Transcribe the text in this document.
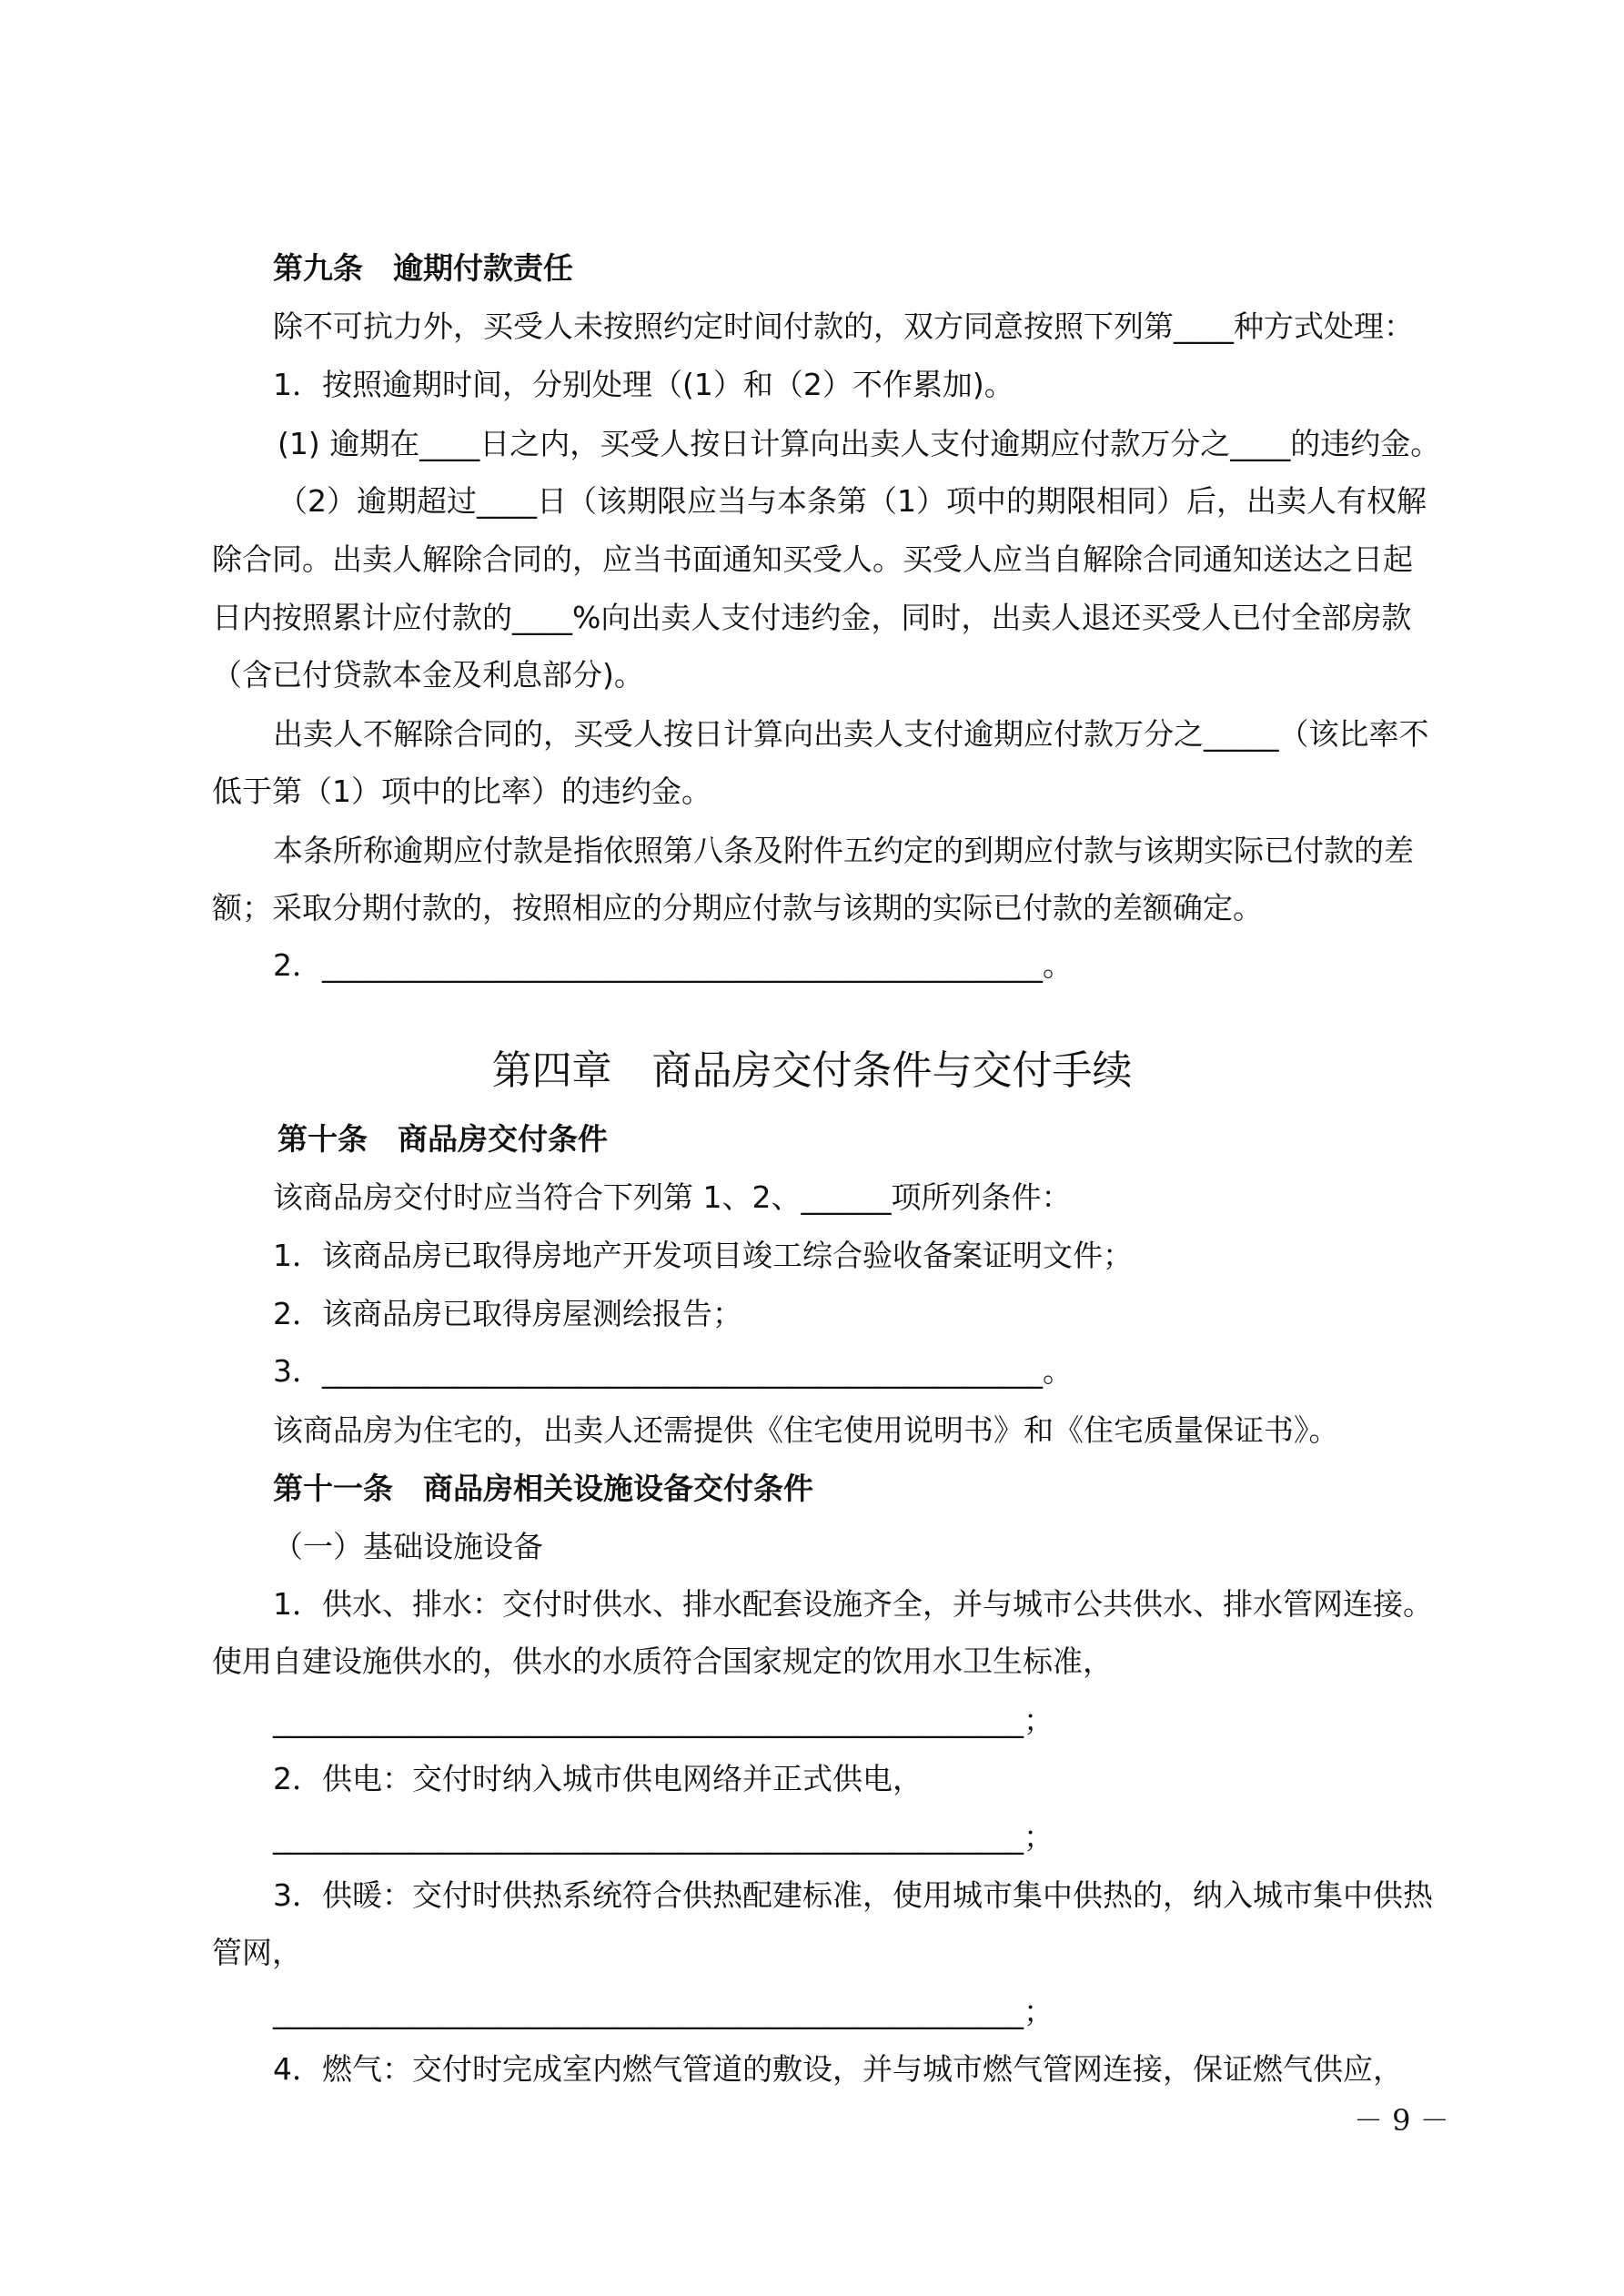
第九条　逾期付款责任
除不可抗力外，买受人未按照约定时间付款的，双方同意按照下列第____种方式处理：
1．按照逾期时间，分别处理（(1）和（2）不作累加)。
(1) 逾期在____日之内，买受人按日计算向出卖人支付逾期应付款万分之____的违约金。
（2）逾期超过____日（该期限应当与本条第（1）项中的期限相同）后，出卖人有权解
除合同。出卖人解除合同的，应当书面通知买受人。买受人应当自解除合同通知送达之日起
日内按照累计应付款的____%向出卖人支付违约金，同时，出卖人退还买受人已付全部房款
（含已付贷款本金及利息部分)。
出卖人不解除合同的，买受人按日计算向出卖人支付逾期应付款万分之_____（该比率不
低于第（1）项中的比率）的违约金。
本条所称逾期应付款是指依照第八条及附件五约定的到期应付款与该期实际已付款的差
额；采取分期付款的，按照相应的分期应付款与该期的实际已付款的差额确定。
2．________________________________________________。
第四章　商品房交付条件与交付手续
第十条　商品房交付条件
该商品房交付时应当符合下列第 1、2、______项所列条件：
1．该商品房已取得房地产开发项目竣工综合验收备案证明文件；
2．该商品房已取得房屋测绘报告；
3．________________________________________________。
该商品房为住宅的，出卖人还需提供《住宅使用说明书》和《住宅质量保证书》。
第十一条　商品房相关设施设备交付条件
（一）基础设施设备
1．供水、排水：交付时供水、排水配套设施齐全，并与城市公共供水、排水管网连接。
使用自建设施供水的，供水的水质符合国家规定的饮用水卫生标准，
__________________________________________________；
2．供电：交付时纳入城市供电网络并正式供电，
__________________________________________________；
3．供暖：交付时供热系统符合供热配建标准，使用城市集中供热的，纳入城市集中供热
管网，
__________________________________________________；
4．燃气：交付时完成室内燃气管道的敷设，并与城市燃气管网连接，保证燃气供应，
－ 9 －
